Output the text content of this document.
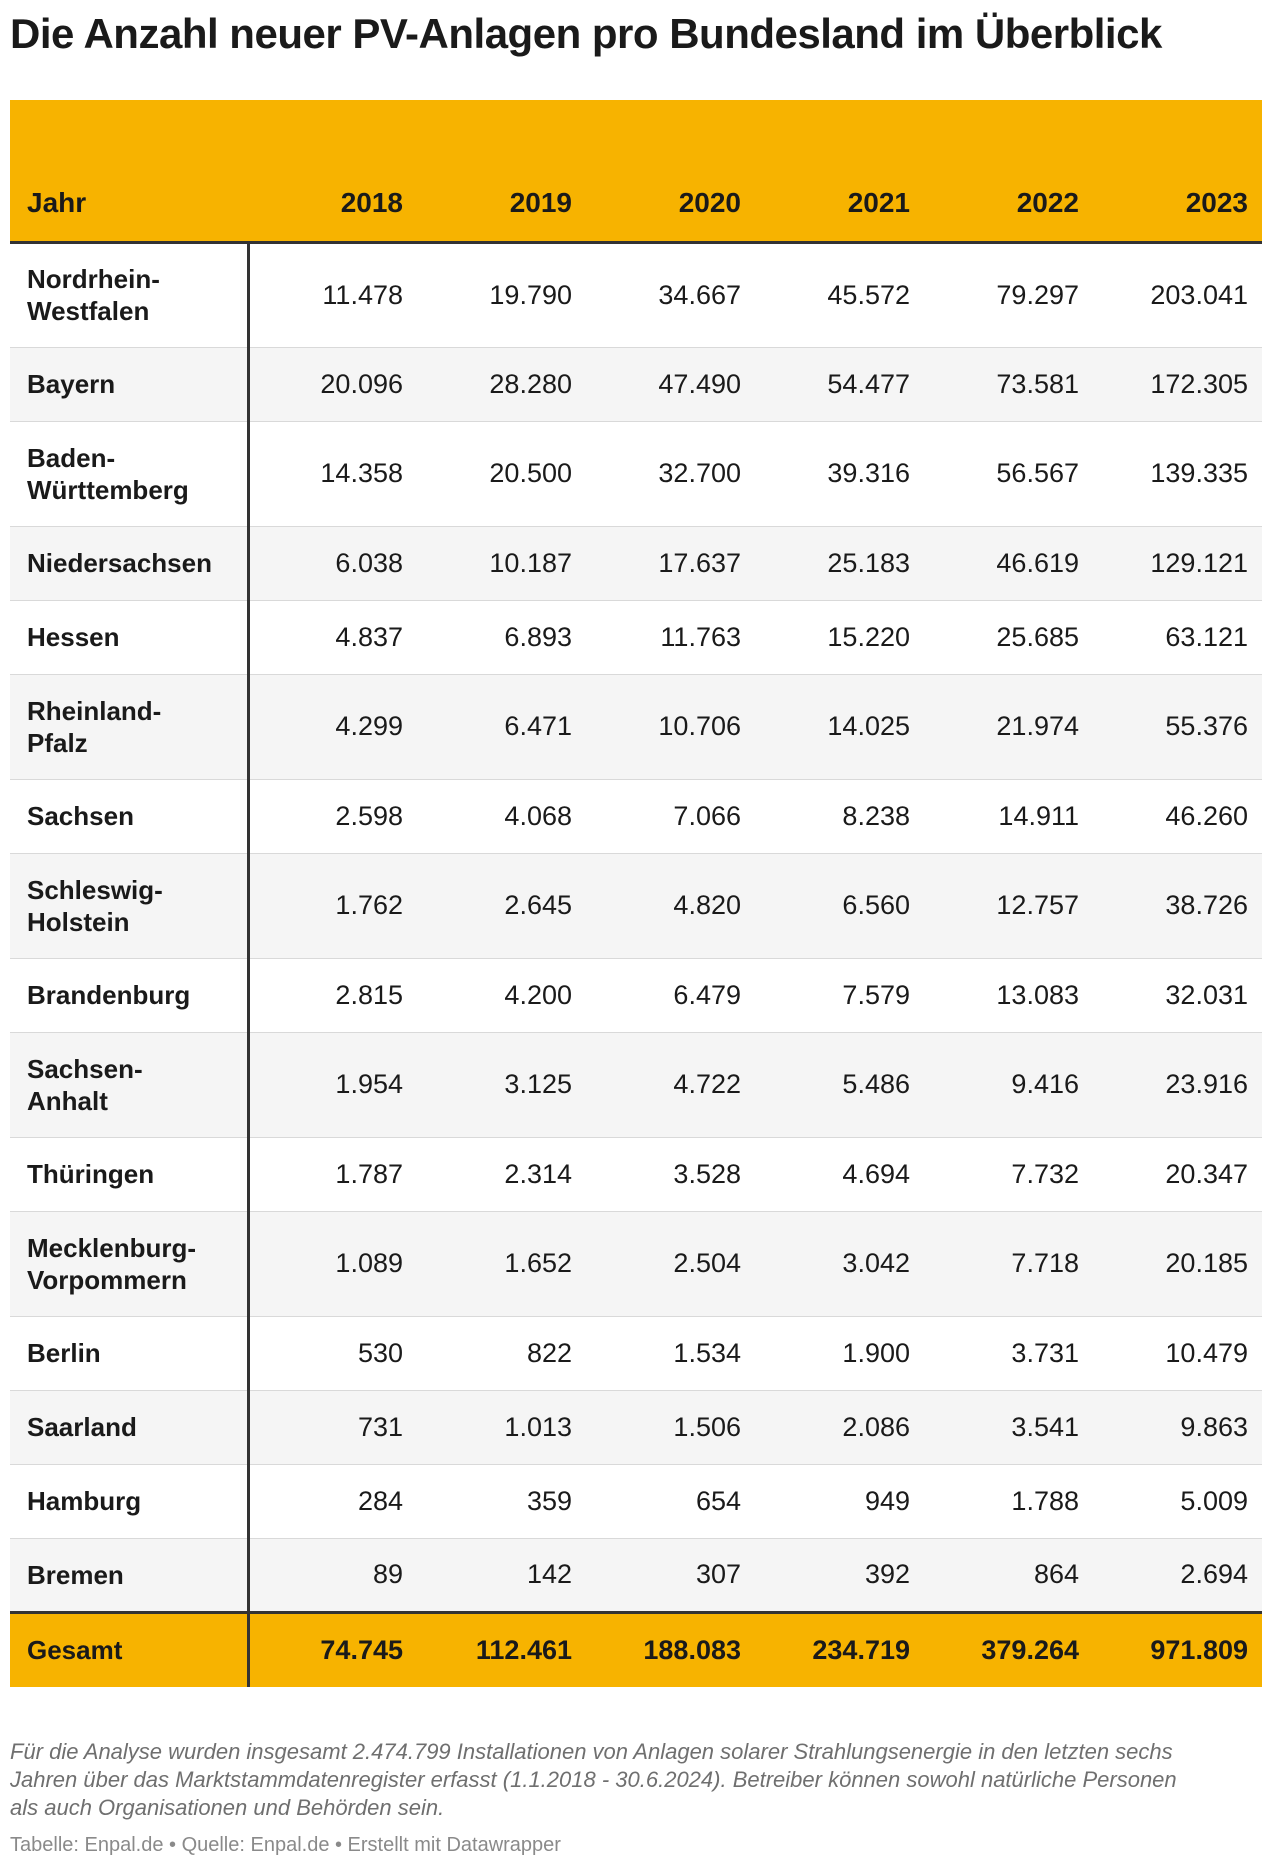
Die Anzahl neuer PV-Anlagen pro Bundesland im Überblick
Jahr	2018	2019	2020	2021	2022	2023
Nordrhein-
Westfalen	11.478	19.790	34.667	45.572	79.297	203.041
Bayern	20.096	28.280	47.490	54.477	73.581	172.305
Baden-
Württemberg	14.358	20.500	32.700	39.316	56.567	139.335
Niedersachsen	6.038	10.187	17.637	25.183	46.619	129.121
Hessen	4.837	6.893	11.763	15.220	25.685	63.121
Rheinland-
Pfalz	4.299	6.471	10.706	14.025	21.974	55.376
Sachsen	2.598	4.068	7.066	8.238	14.911	46.260
Schleswig-
Holstein	1.762	2.645	4.820	6.560	12.757	38.726
Brandenburg	2.815	4.200	6.479	7.579	13.083	32.031
Sachsen-
Anhalt	1.954	3.125	4.722	5.486	9.416	23.916
Thüringen	1.787	2.314	3.528	4.694	7.732	20.347
Mecklenburg-
Vorpommern	1.089	1.652	2.504	3.042	7.718	20.185
Berlin	530	822	1.534	1.900	3.731	10.479
Saarland	731	1.013	1.506	2.086	3.541	9.863
Hamburg	284	359	654	949	1.788	5.009
Bremen	89	142	307	392	864	2.694
Gesamt	74.745	112.461	188.083	234.719	379.264	971.809
Für die Analyse wurden insgesamt 2.474.799 Installationen von Anlagen solarer Strahlungsenergie in den letzten sechs Jahren über das Marktstammdatenregister erfasst (1.1.2018 - 30.6.2024). Betreiber können sowohl natürliche Personen als auch Organisationen und Behörden sein.
Tabelle: Enpal.de • Quelle: Enpal.de • Erstellt mit Datawrapper
